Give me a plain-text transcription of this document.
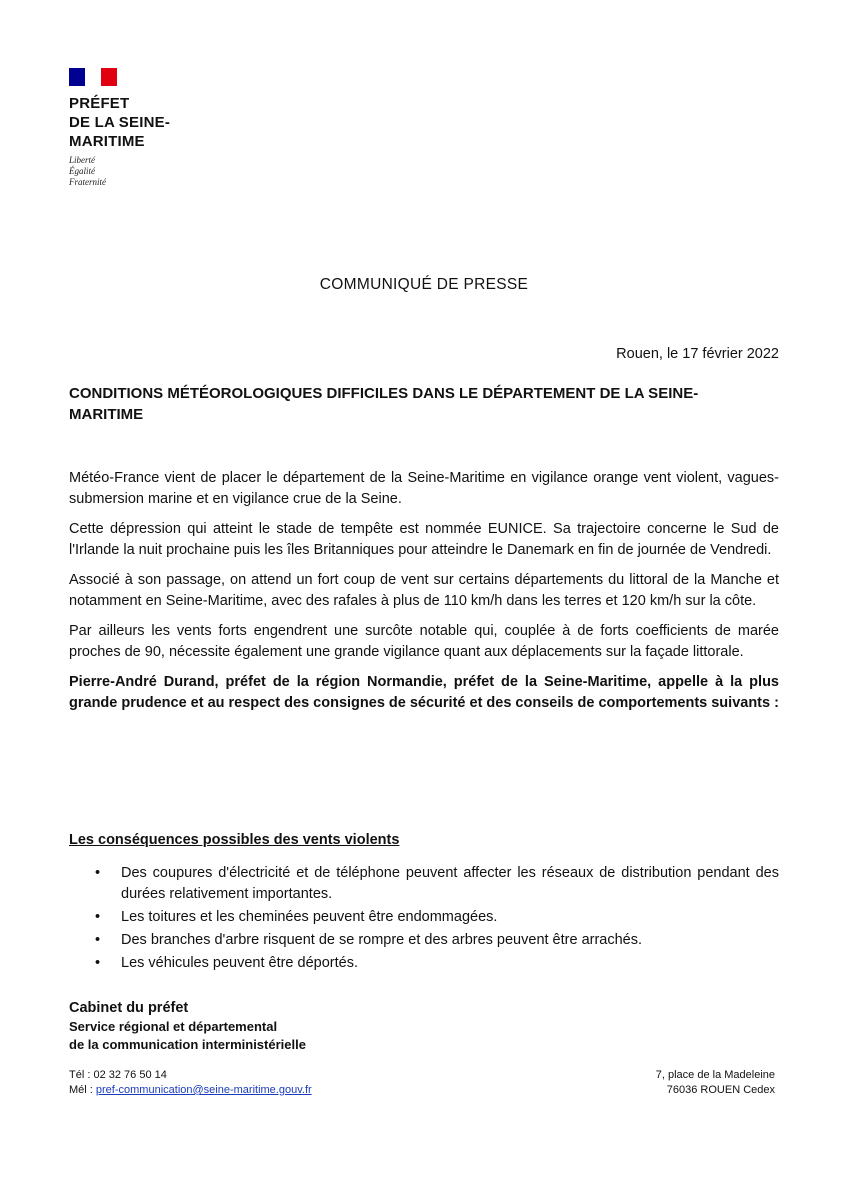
PRÉFET
DE LA SEINE-
MARITIME
Liberté
Égalité
Fraternité
COMMUNIQUÉ DE PRESSE
Rouen, le 17 février 2022
CONDITIONS MÉTÉOROLOGIQUES DIFFICILES DANS LE DÉPARTEMENT DE LA SEINE-MARITIME

Météo-France vient de placer le département de la Seine-Maritime en vigilance orange vent violent, vagues-submersion marine et en vigilance crue de la Seine.

Cette dépression qui atteint le stade de tempête est nommée EUNICE. Sa trajectoire concerne le Sud de l'Irlande la nuit prochaine puis les îles Britanniques pour atteindre le Danemark en fin de journée de Vendredi.

Associé à son passage, on attend un fort coup de vent sur certains départements du littoral de la Manche et notamment en Seine-Maritime, avec des rafales à plus de 110 km/h dans les terres et 120 km/h sur la côte.

Par ailleurs les vents forts engendrent une surcôte notable qui, couplée à de forts coefficients de marée proches de 90, nécessite également une grande vigilance quant aux déplacements sur la façade littorale.

Pierre-André Durand, préfet de la région Normandie, préfet de la Seine-Maritime, appelle à la plus grande prudence et au respect des consignes de sécurité et des conseils de comportements suivants :

Les conséquences possibles des vents violents
• Des coupures d'électricité et de téléphone peuvent affecter les réseaux de distribution pendant des durées relativement importantes.
• Les toitures et les cheminées peuvent être endommagées.
• Des branches d'arbre risquent de se rompre et des arbres peuvent être arrachés.
• Les véhicules peuvent être déportés.
Cabinet du préfet
Service régional et départemental
de la communication interministérielle
Tél : 02 32 76 50 14
Mél : pref-communication@seine-maritime.gouv.fr
7, place de la Madeleine
76036 ROUEN Cedex
